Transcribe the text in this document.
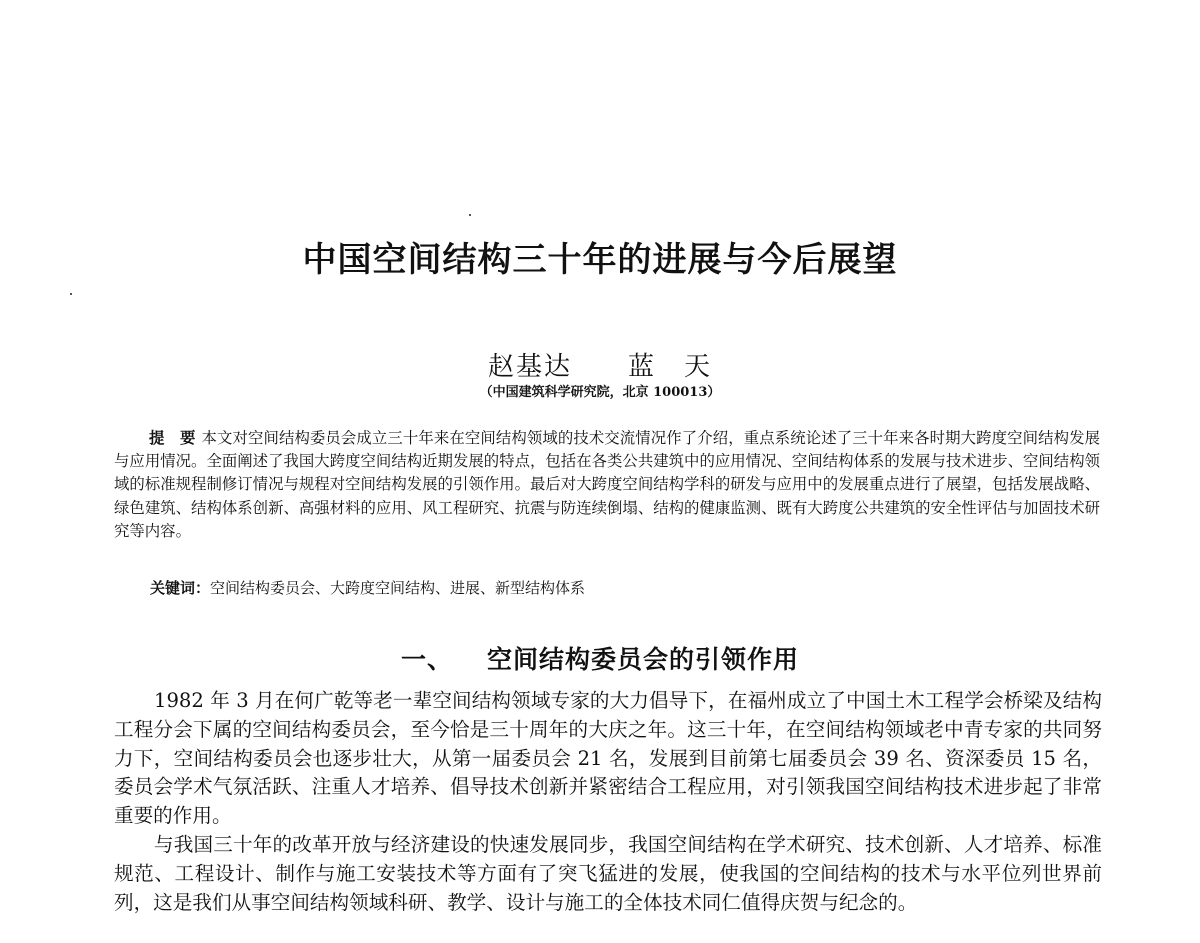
中国空间结构三十年的进展与今后展望
赵基达 蓝　天
（中国建筑科学研究院，北京 100013）
提　要 本文对空间结构委员会成立三十年来在空间结构领域的技术交流情况作了介绍，重点系统论述了三十年来各时期大跨度空间结构发展与应用情况。全面阐述了我国大跨度空间结构近期发展的特点，包括在各类公共建筑中的应用情况、空间结构体系的发展与技术进步、空间结构领域的标准规程制修订情况与规程对空间结构发展的引领作用。最后对大跨度空间结构学科的研发与应用中的发展重点进行了展望，包括发展战略、绿色建筑、结构体系创新、高强材料的应用、风工程研究、抗震与防连续倒塌、结构的健康监测、既有大跨度公共建筑的安全性评估与加固技术研究等内容。
关键词：空间结构委员会、大跨度空间结构、进展、新型结构体系
一、 空间结构委员会的引领作用

1982 年 3 月在何广乾等老一辈空间结构领域专家的大力倡导下，在福州成立了中国土木工程学会桥梁及结构工程分会下属的空间结构委员会，至今恰是三十周年的大庆之年。这三十年，在空间结构领域老中青专家的共同努力下，空间结构委员会也逐步壮大，从第一届委员会 21 名，发展到目前第七届委员会 39 名、资深委员 15 名，委员会学术气氛活跃、注重人才培养、倡导技术创新并紧密结合工程应用，对引领我国空间结构技术进步起了非常重要的作用。

与我国三十年的改革开放与经济建设的快速发展同步，我国空间结构在学术研究、技术创新、人才培养、标准规范、工程设计、制作与施工安装技术等方面有了突飞猛进的发展，使我国的空间结构的技术与水平位列世界前列，这是我们从事空间结构领域科研、教学、设计与施工的全体技术同仁值得庆贺与纪念的。
